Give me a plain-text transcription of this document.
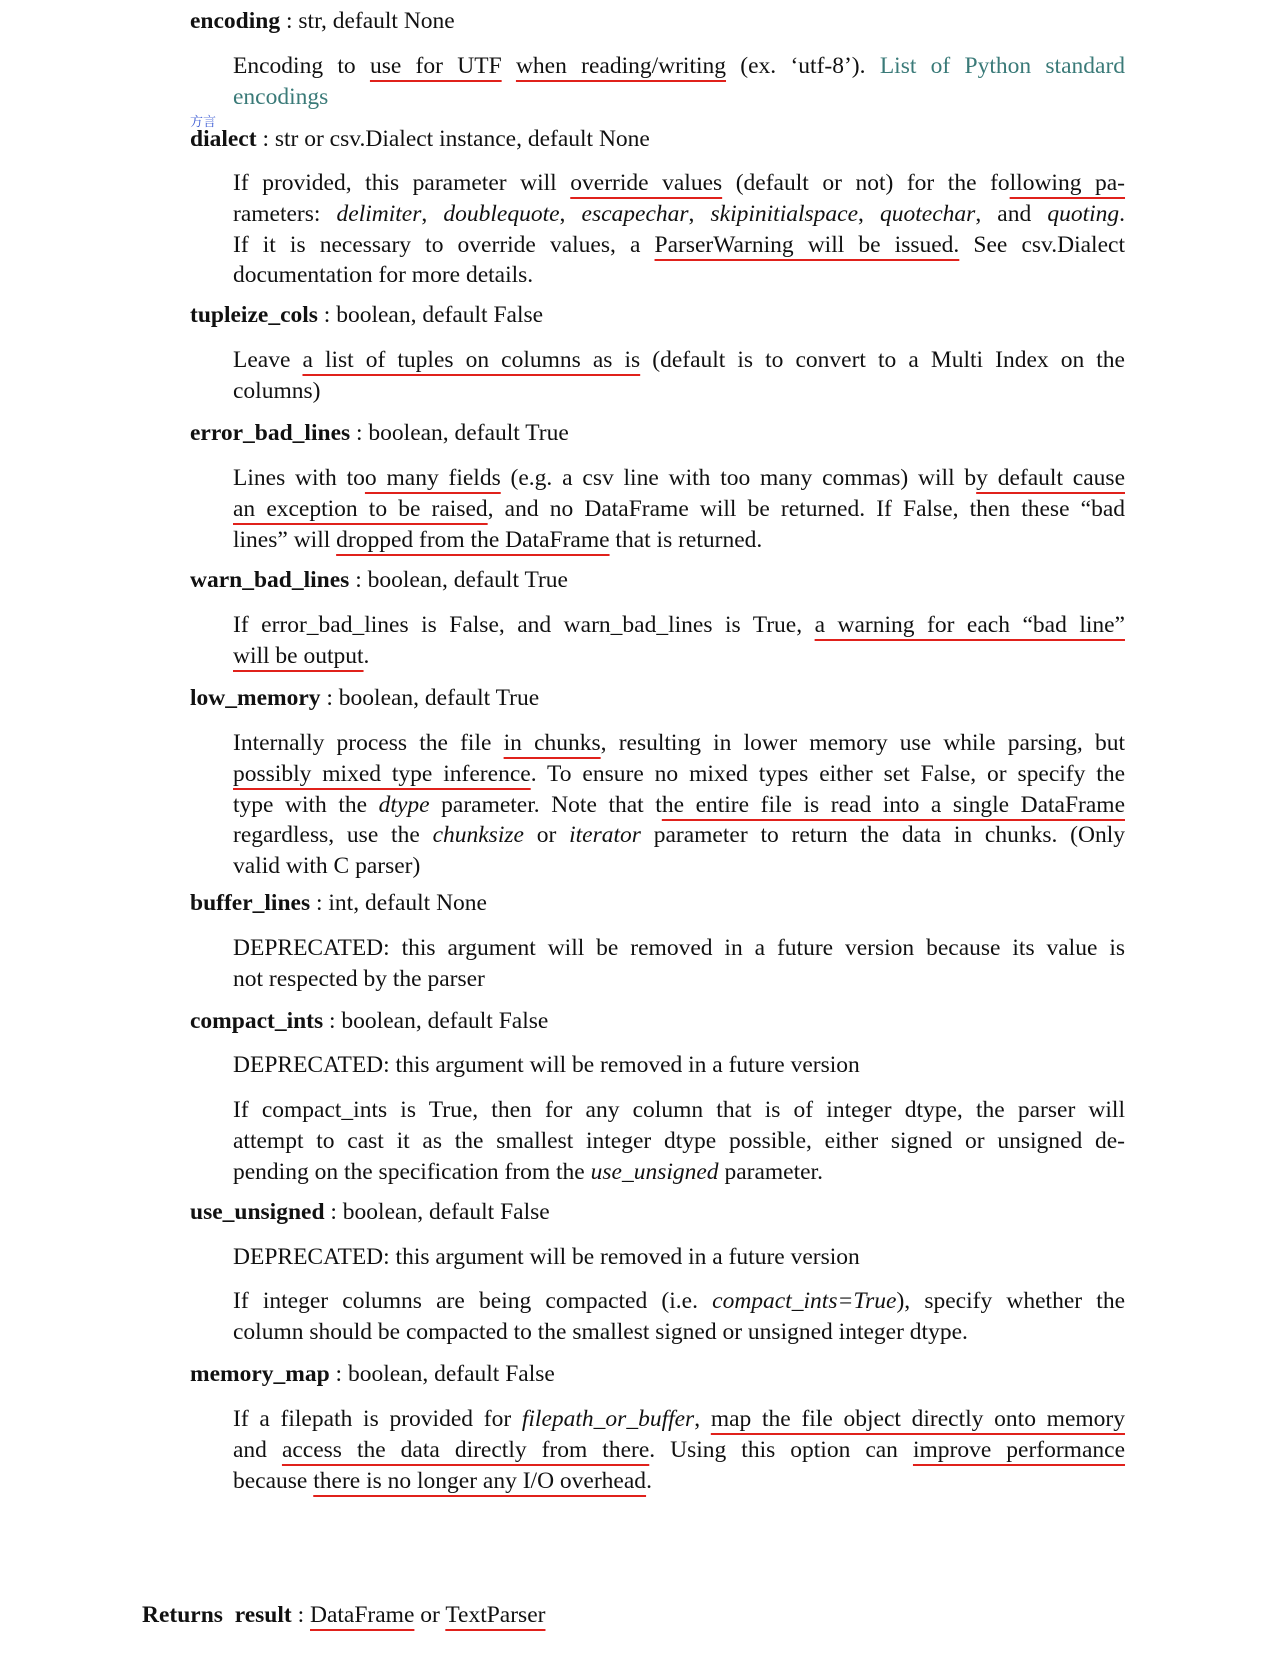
encoding : str, default None
Encoding to use for UTF when reading/writing (ex. ‘utf-8’). List of Python standard
encodings
方言
dialect : str or csv.Dialect instance, default None
If provided, this parameter will override values (default or not) for the following pa-
rameters: delimiter, doublequote, escapechar, skipinitialspace, quotechar, and quoting.
If it is necessary to override values, a ParserWarning will be issued. See csv.Dialect
documentation for more details.
tupleize_cols : boolean, default False
Leave a list of tuples on columns as is (default is to convert to a Multi Index on the
columns)
error_bad_lines : boolean, default True
Lines with too many fields (e.g. a csv line with too many commas) will by default cause
an exception to be raised, and no DataFrame will be returned. If False, then these “bad
lines” will dropped from the DataFrame that is returned.
warn_bad_lines : boolean, default True
If error_bad_lines is False, and warn_bad_lines is True, a warning for each “bad line”
will be output.
low_memory : boolean, default True
Internally process the file in chunks, resulting in lower memory use while parsing, but
possibly mixed type inference. To ensure no mixed types either set False, or specify the
type with the dtype parameter. Note that the entire file is read into a single DataFrame
regardless, use the chunksize or iterator parameter to return the data in chunks. (Only
valid with C parser)
buffer_lines : int, default None
DEPRECATED: this argument will be removed in a future version because its value is
not respected by the parser
compact_ints : boolean, default False
DEPRECATED: this argument will be removed in a future version
If compact_ints is True, then for any column that is of integer dtype, the parser will
attempt to cast it as the smallest integer dtype possible, either signed or unsigned de-
pending on the specification from the use_unsigned parameter.
use_unsigned : boolean, default False
DEPRECATED: this argument will be removed in a future version
If integer columns are being compacted (i.e. compact_ints=True), specify whether the
column should be compacted to the smallest signed or unsigned integer dtype.
memory_map : boolean, default False
If a filepath is provided for filepath_or_buffer, map the file object directly onto memory
and access the data directly from there. Using this option can improve performance
because there is no longer any I/O overhead.
Returns result : DataFrame or TextParser
